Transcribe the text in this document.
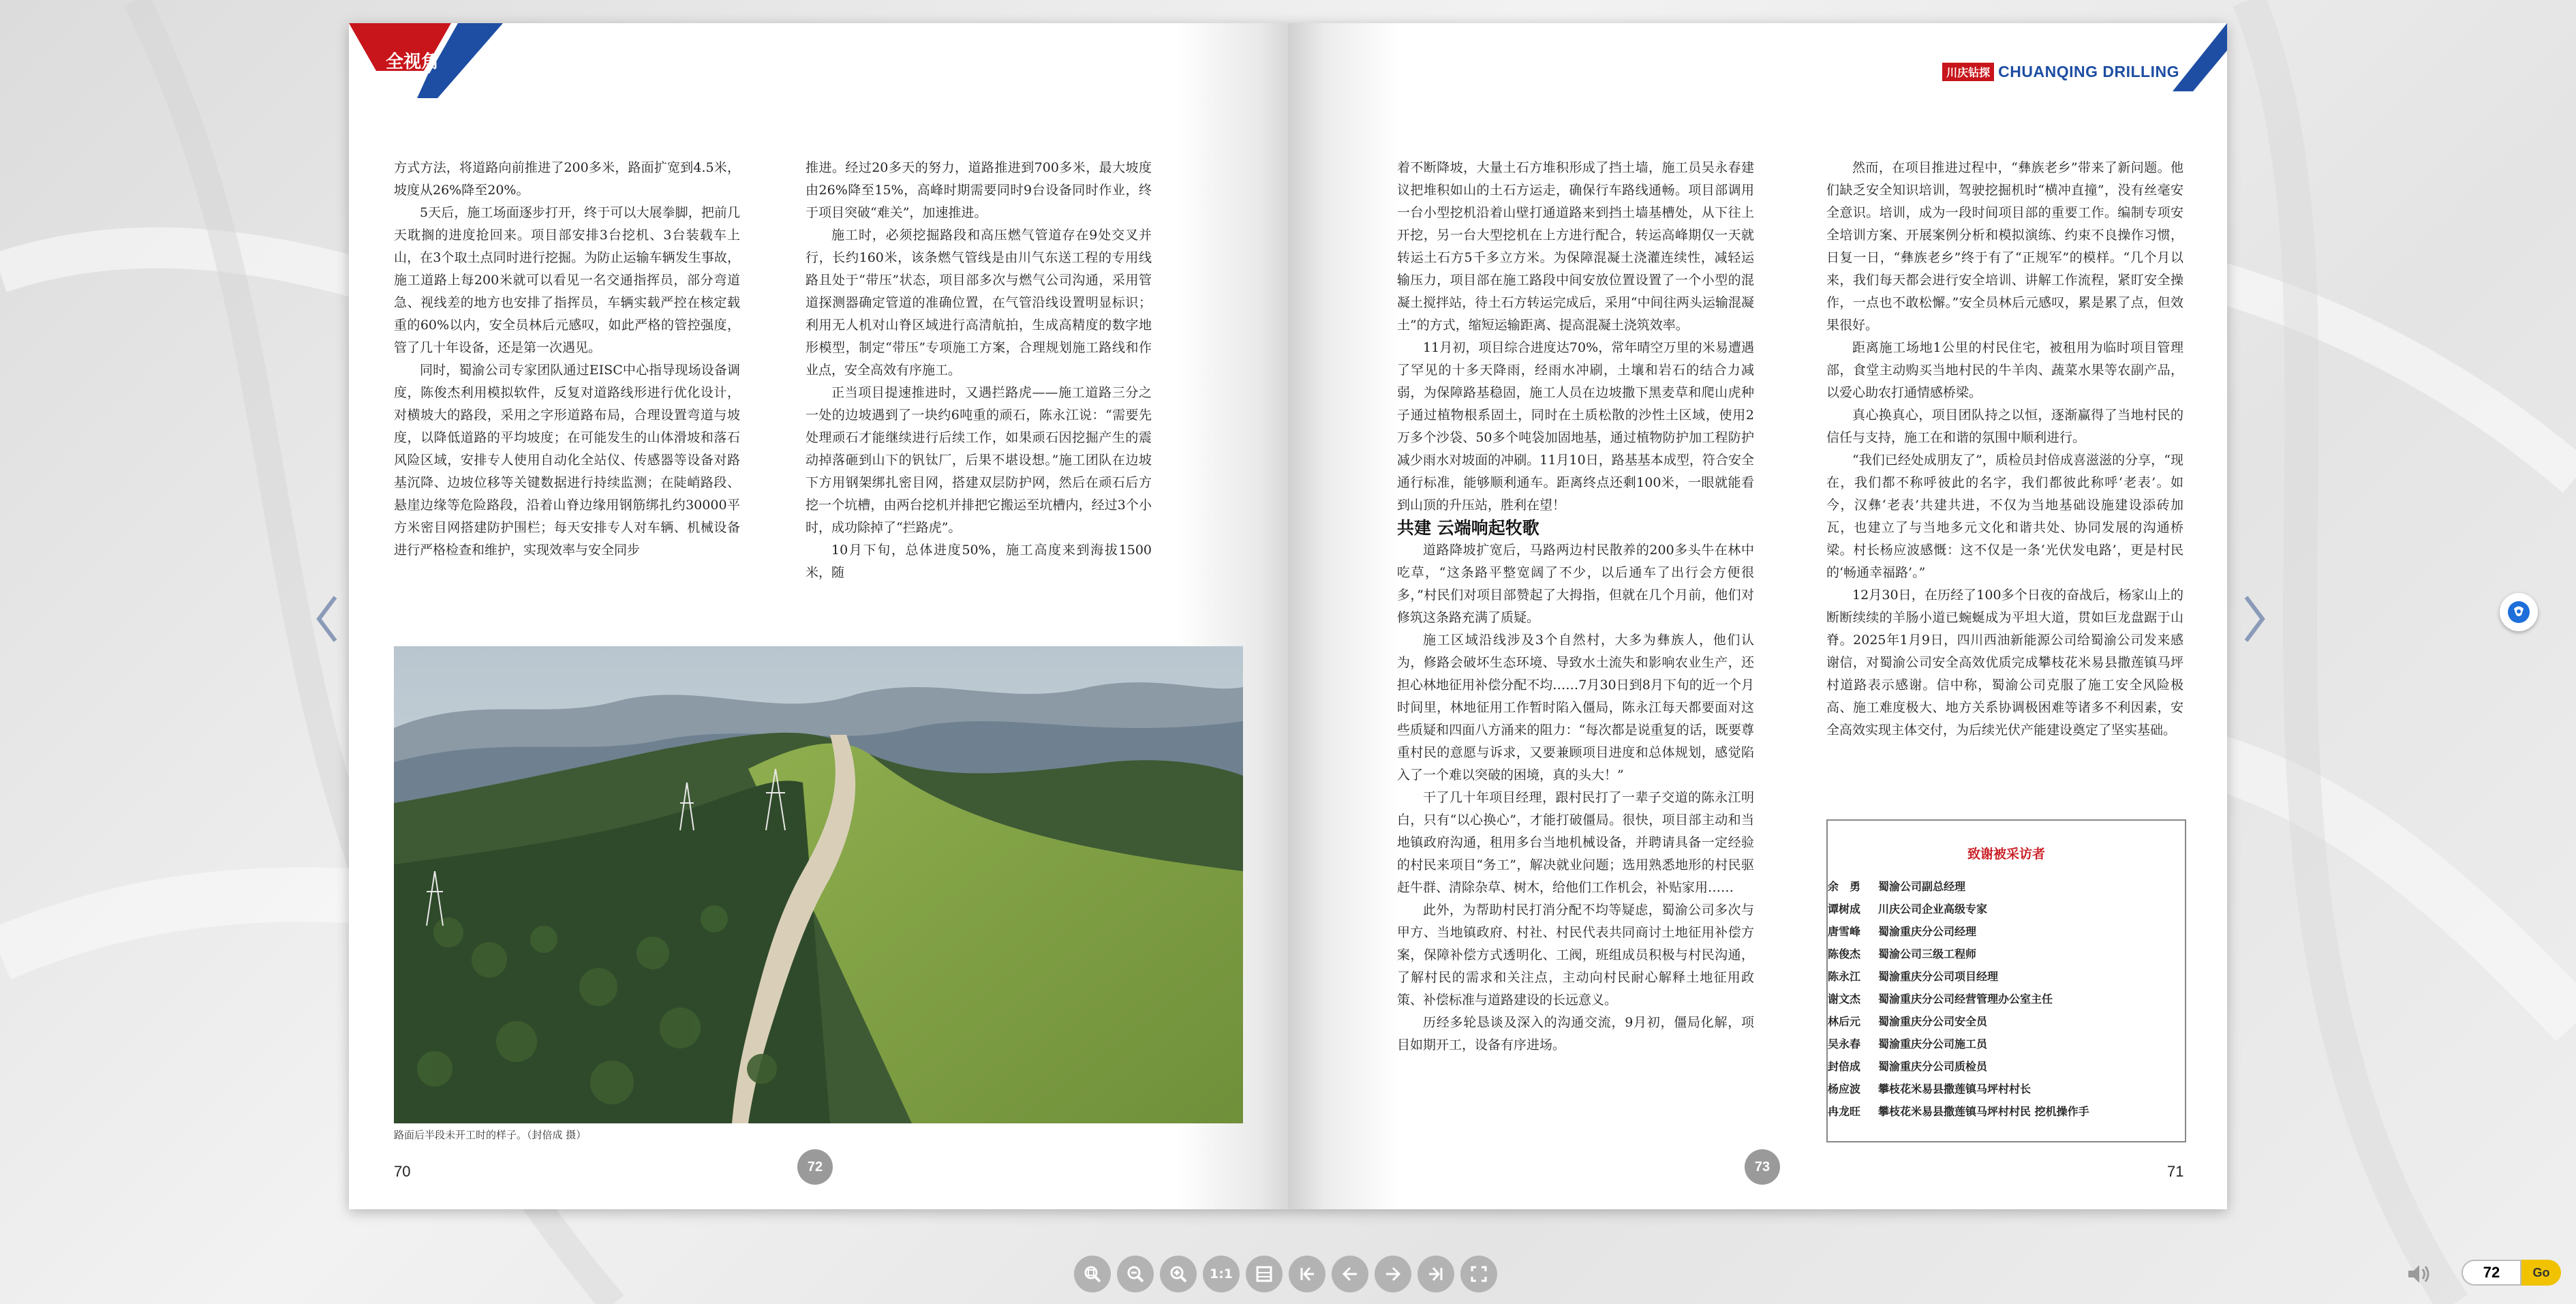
全视角

方式方法，将道路向前推进了200多米，路面扩宽到4.5米，坡度从26%降至20%。

5天后，施工场面逐步打开，终于可以大展拳脚，把前几天耽搁的进度抢回来。项目部安排3台挖机、3台装载车上山，在3个取土点同时进行挖掘。为防止运输车辆发生事故，施工道路上每200米就可以看见一名交通指挥员，部分弯道急、视线差的地方也安排了指挥员，车辆实载严控在核定载重的60%以内，安全员林后元感叹，如此严格的管控强度，管了几十年设备，还是第一次遇见。

同时，蜀渝公司专家团队通过EISC中心指导现场设备调度，陈俊杰利用模拟软件，反复对道路线形进行优化设计，对横坡大的路段，采用之字形道路布局，合理设置弯道与坡度，以降低道路的平均坡度；在可能发生的山体滑坡和落石风险区域，安排专人使用自动化全站仪、传感器等设备对路基沉降、边坡位移等关键数据进行持续监测；在陡峭路段、悬崖边缘等危险路段，沿着山脊边缘用钢筋绑扎约30000平方米密目网搭建防护围栏；每天安排专人对车辆、机械设备进行严格检查和维护，实现效率与安全同步

推进。经过20多天的努力，道路推进到700多米，最大坡度由26%降至15%，高峰时期需要同时9台设备同时作业，终于项目突破“难关”，加速推进。

施工时，必须挖掘路段和高压燃气管道存在9处交叉并行，长约160米，该条燃气管线是由川气东送工程的专用线路且处于“带压”状态，项目部多次与燃气公司沟通，采用管道探测器确定管道的准确位置，在气管沿线设置明显标识；利用无人机对山脊区域进行高清航拍，生成高精度的数字地形模型，制定“带压”专项施工方案，合理规划施工路线和作业点，安全高效有序施工。

正当项目提速推进时，又遇拦路虎——施工道路三分之一处的边坡遇到了一块约6吨重的顽石，陈永江说：“需要先处理顽石才能继续进行后续工作，如果顽石因挖掘产生的震动掉落砸到山下的钒钛厂，后果不堪设想。”施工团队在边坡下方用钢架绑扎密目网，搭建双层防护网，然后在顽石后方挖一个坑槽，由两台挖机并排把它搬运至坑槽内，经过3个小时，成功除掉了“拦路虎”。

10月下旬，总体进度50%，施工高度来到海拔1500米，随

路面后半段未开工时的样子。（封倍成 摄）
70	72
川庆钻探 CHUANQING DRILLING

着不断降坡，大量土石方堆积形成了挡土墙，施工员吴永春建议把堆积如山的土石方运走，确保行车路线通畅。项目部调用一台小型挖机沿着山壁打通道路来到挡土墙基槽处，从下往上开挖，另一台大型挖机在上方进行配合，转运高峰期仅一天就转运土石方5千多立方米。为保障混凝土浇灌连续性，减轻运输压力，项目部在施工路段中间安放位置设置了一个小型的混凝土搅拌站，待土石方转运完成后，采用“中间往两头运输混凝土”的方式，缩短运输距离、提高混凝土浇筑效率。

11月初，项目综合进度达70%，常年晴空万里的米易遭遇了罕见的十多天降雨，经雨水冲刷，土壤和岩石的结合力减弱，为保障路基稳固，施工人员在边坡撒下黑麦草和爬山虎种子通过植物根系固土，同时在土质松散的沙性土区域，使用2万多个沙袋、50多个吨袋加固地基，通过植物防护加工程防护减少雨水对坡面的冲刷。11月10日，路基基本成型，符合安全通行标准，能够顺利通车。距离终点还剩100米，一眼就能看到山顶的升压站，胜利在望！

共建 云端响起牧歌

道路降坡扩宽后，马路两边村民散养的200多头牛在林中吃草，“这条路平整宽阔了不少，以后通车了出行会方便很多，”村民们对项目部赞起了大拇指，但就在几个月前，他们对修筑这条路充满了质疑。

施工区域沿线涉及3个自然村，大多为彝族人，他们认为，修路会破坏生态环境、导致水土流失和影响农业生产，还担心林地征用补偿分配不均……7月30日到8月下旬的近一个月时间里，林地征用工作暂时陷入僵局，陈永江每天都要面对这些质疑和四面八方涌来的阻力：“每次都是说重复的话，既要尊重村民的意愿与诉求，又要兼顾项目进度和总体规划，感觉陷入了一个难以突破的困境，真的头大！”

干了几十年项目经理，跟村民打了一辈子交道的陈永江明白，只有“以心换心”，才能打破僵局。很快，项目部主动和当地镇政府沟通，租用多台当地机械设备，并聘请具备一定经验的村民来项目“务工”，解决就业问题；选用熟悉地形的村民驱赶牛群、清除杂草、树木，给他们工作机会，补贴家用……

此外，为帮助村民打消分配不均等疑虑，蜀渝公司多次与甲方、当地镇政府、村社、村民代表共同商讨土地征用补偿方案，保障补偿方式透明化、工阀，班组成员积极与村民沟通，了解村民的需求和关注点，主动向村民耐心解释土地征用政策、补偿标准与道路建设的长远意义。

历经多轮恳谈及深入的沟通交流，9月初，僵局化解，项目如期开工，设备有序进场。

然而，在项目推进过程中，“彝族老乡”带来了新问题。他们缺乏安全知识培训，驾驶挖掘机时“横冲直撞”，没有丝毫安全意识。培训，成为一段时间项目部的重要工作。编制专项安全培训方案、开展案例分析和模拟演练、约束不良操作习惯，日复一日，“彝族老乡”终于有了“正规军”的模样。“几个月以来，我们每天都会进行安全培训、讲解工作流程，紧盯安全操作，一点也不敢松懈。”安全员林后元感叹，累是累了点，但效果很好。

距离施工场地1公里的村民住宅，被租用为临时项目管理部，食堂主动购买当地村民的牛羊肉、蔬菜水果等农副产品，以爱心助农打通情感桥梁。

真心换真心，项目团队持之以恒，逐渐赢得了当地村民的信任与支持，施工在和谐的氛围中顺利进行。

“我们已经处成朋友了”，质检员封倍成喜滋滋的分享，“现在，我们都不称呼彼此的名字，我们都彼此称呼‘老表’。如今，汉彝‘老表’共建共进，不仅为当地基础设施建设添砖加瓦，也建立了与当地多元文化和谐共处、协同发展的沟通桥梁。村长杨应波感慨：这不仅是一条‘光伏发电路’，更是村民的‘畅通幸福路’。”

12月30日，在历经了100多个日夜的奋战后，杨家山上的断断续续的羊肠小道已蜿蜒成为平坦大道，贯如巨龙盘踞于山脊。2025年1月9日，四川西油新能源公司给蜀渝公司发来感谢信，对蜀渝公司安全高效优质完成攀枝花米易县撒莲镇马坪村道路表示感谢。信中称，蜀渝公司克服了施工安全风险极高、施工难度极大、地方关系协调极困难等诸多不利因素，安全高效实现主体交付，为后续光伏产能建设奠定了坚实基础。

致谢被采访者
余　勇	蜀渝公司副总经理
谭树成	川庆公司企业高级专家
唐雪峰	蜀渝重庆分公司经理
陈俊杰	蜀渝公司三级工程师
陈永江	蜀渝重庆分公司项目经理
谢文杰	蜀渝重庆分公司经营管理办公室主任
林后元	蜀渝重庆分公司安全员
吴永春	蜀渝重庆分公司施工员
封倍成	蜀渝重庆分公司质检员
杨应波	攀枝花米易县撒莲镇马坪村村长
冉龙旺	攀枝花米易县撒莲镇马坪村村民 挖机操作手
73	71
1:1
72	Go
